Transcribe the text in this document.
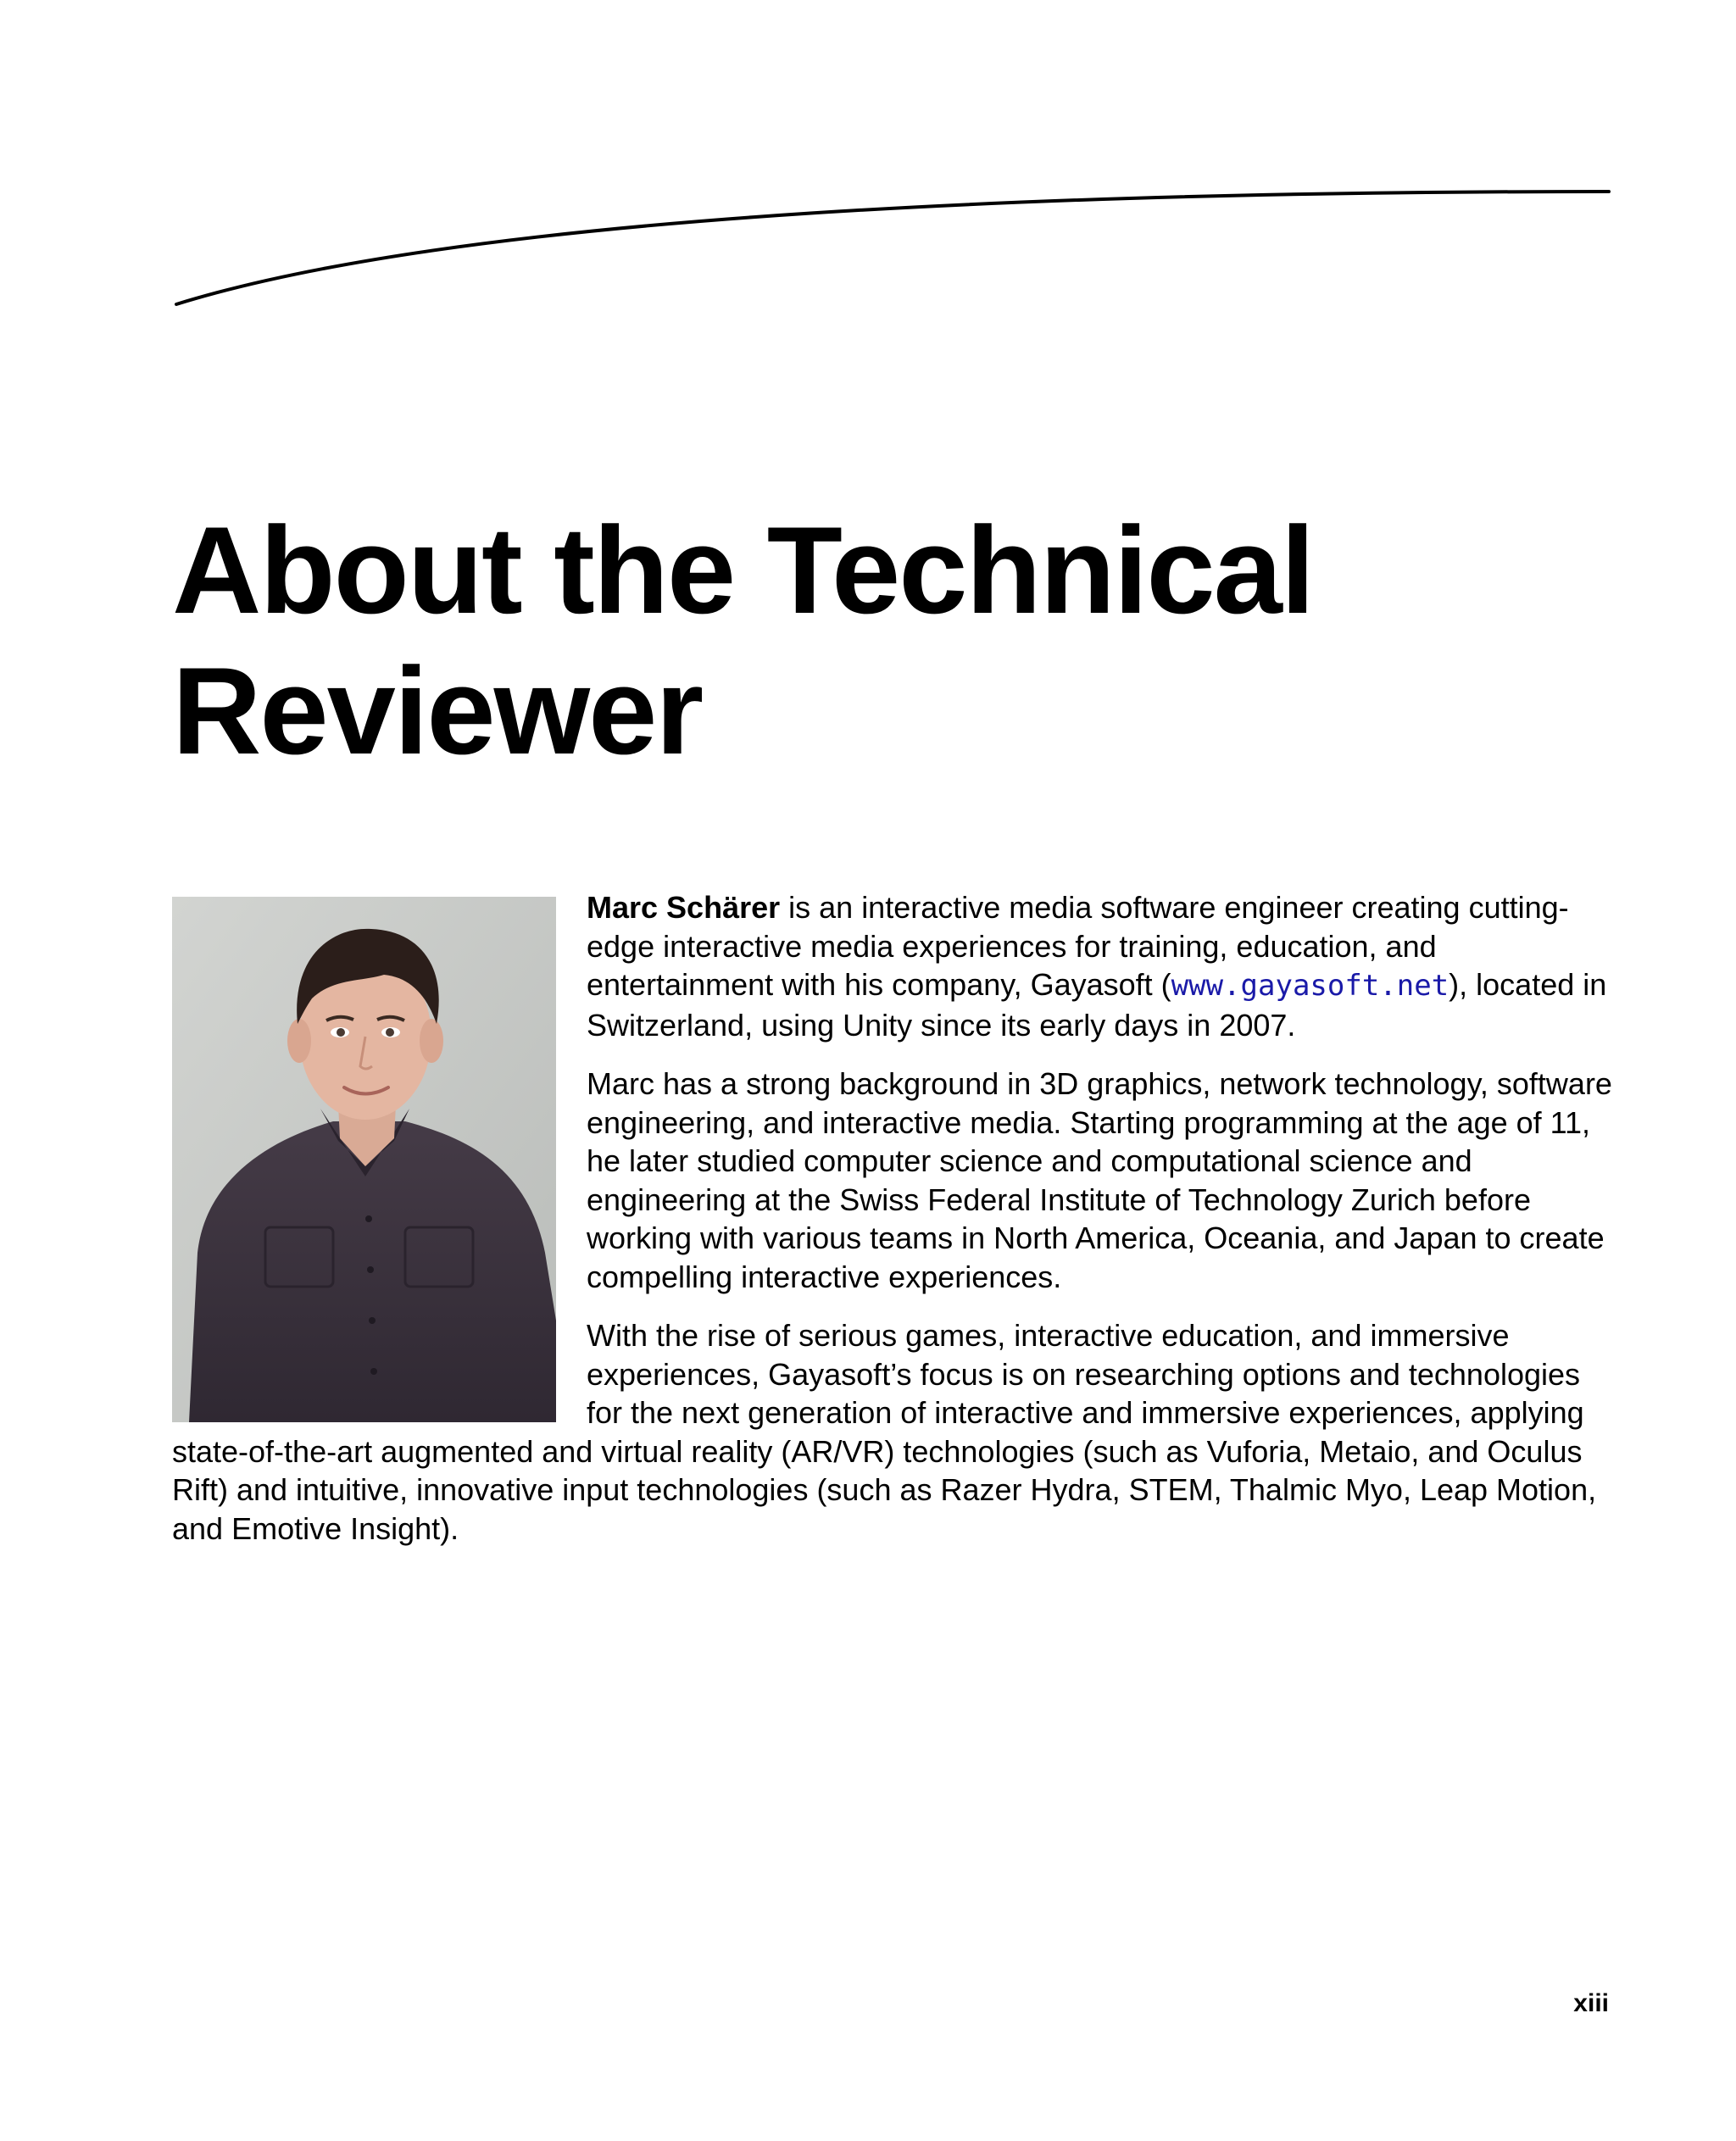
About the Technical
Reviewer

Marc Schärer is an interactive media software engineer creating cutting-edge interactive media experiences for training, education, and entertainment with his company, Gayasoft (www.gayasoft.net), located in Switzerland, using Unity since its early days in 2007.

Marc has a strong background in 3D graphics, network technology, software engineering, and interactive media. Starting programming at the age of 11, he later studied computer science and computational science and engineering at the Swiss Federal Institute of Technology Zurich before working with various teams in North America, Oceania, and Japan to create compelling interactive experiences.

With the rise of serious games, interactive education, and immersive experiences, Gayasoft’s focus is on researching options and technologies for the next generation of interactive and immersive experiences, applying state-of-the-art augmented and virtual reality (AR/VR) technologies (such as Vuforia, Metaio, and Oculus Rift) and intuitive, innovative input technologies (such as Razer Hydra, STEM, Thalmic Myo, Leap Motion, and Emotive Insight).

xiii
